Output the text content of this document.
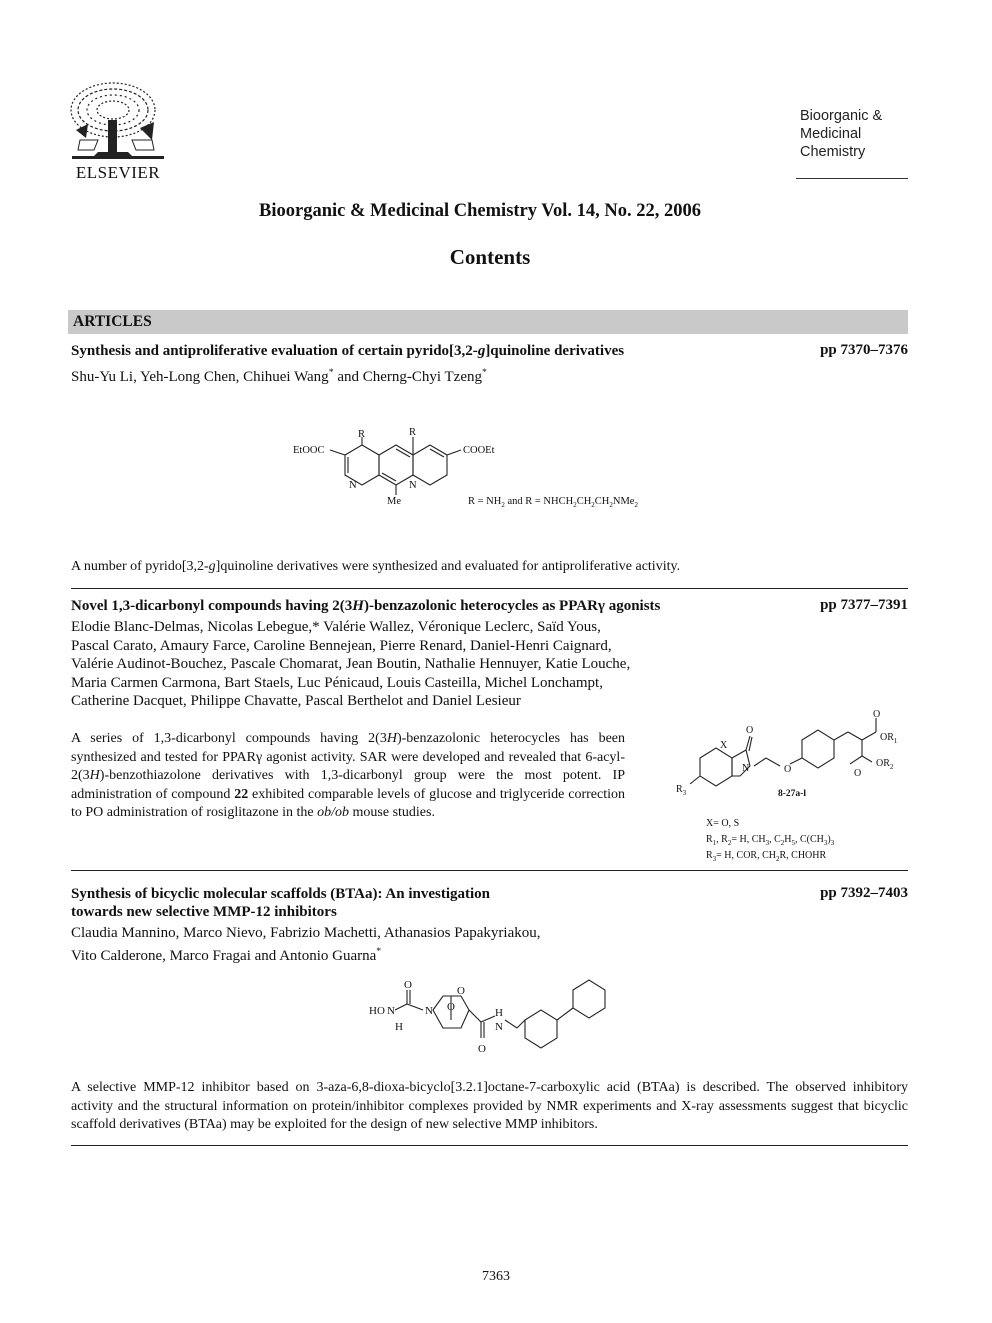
ELSEVIER
Bioorganic &
Medicinal
Chemistry
Bioorganic & Medicinal Chemistry Vol. 14, No. 22, 2006
Contents
ARTICLES
Synthesis and antiproliferative evaluation of certain pyrido[3,2-g]quinoline derivatives	pp 7370–7376
Shu-Yu Li, Yeh-Long Chen, Chihuei Wang* and Cherng-Chyi Tzeng*
EtOOC	COOEt
R	R
N	N
Me	$R = NH_2$ and $R = NHCH_2CH_2CH_2NMe_2$
A number of pyrido[3,2-g]quinoline derivatives were synthesized and evaluated for antiproliferative activity.
Novel 1,3-dicarbonyl compounds having 2(3H)-benzazolonic heterocycles as PPARγ agonists	pp 7377–7391
Elodie Blanc-Delmas, Nicolas Lebegue,* Valérie Wallez, Véronique Leclerc, Saïd Yous,
Pascal Carato, Amaury Farce, Caroline Bennejean, Pierre Renard, Daniel-Henri Caignard,
Valérie Audinot-Bouchez, Pascale Chomarat, Jean Boutin, Nathalie Hennuyer, Katie Louche,
Maria Carmen Carmona, Bart Staels, Luc Pénicaud, Louis Casteilla, Michel Lonchampt,
Catherine Dacquet, Philippe Chavatte, Pascal Berthelot and Daniel Lesieur
A series of 1,3-dicarbonyl compounds having 2(3H)-benzazolonic heterocycles has been synthesized and tested for PPARγ agonist activity. SAR were developed and revealed that 6-acyl-2(3H)-benzothiazolone derivatives with 1,3-dicarbonyl group were the most potent. IP administration of compound 22 exhibited comparable levels of glucose and triglyceride correction to PO administration of rosiglitazone in the ob/ob mouse studies.
X
O
N	O
O
$OR_1$
O
$OR_2$
$R_3$	8-27a-l
X= O, S
$R_1$, $R_2= H$, $CH_3$, $C_2H_5$, $C(CH_3)_3$
$R_3= H$, COR, $CH_2R$, CHOHR
Synthesis of bicyclic molecular scaffolds (BTAa): An investigation
towards new selective MMP-12 inhibitors
pp 7392–7403
Claudia Mannino, Marco Nievo, Fabrizio Machetti, Athanasios Papakyriakou,
Vito Calderone, Marco Fragai and Antonio Guarna*
HO N
H
O
N O
O
O
H
N
A selective MMP-12 inhibitor based on 3-aza-6,8-dioxa-bicyclo[3.2.1]octane-7-carboxylic acid (BTAa) is described. The observed inhibitory activity and the structural information on protein/inhibitor complexes provided by NMR experiments and X-ray assessments suggest that bicyclic scaffold derivatives (BTAa) may be exploited for the design of new selective MMP inhibitors.
7363
